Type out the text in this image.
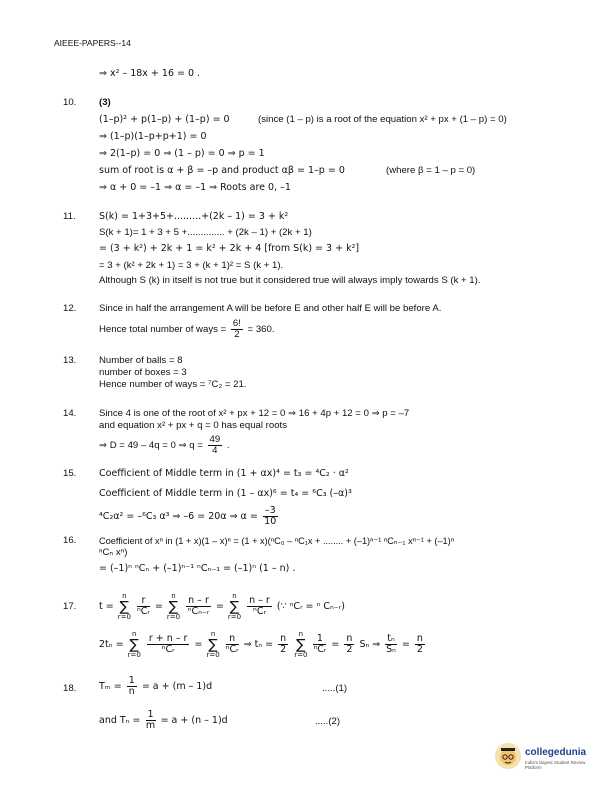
AIEEE-PAPERS--14
⇒ x² – 18x + 16 = 0 .
10. (3)
(1–p)² + p(1–p) + (1–p) = 0	(since (1 – p) is a root of the equation x² + px + (1 – p) = 0)
⇒ (1–p)(1–p+p+1) = 0
⇒ 2(1–p) = 0 ⇒ (1 – p) = 0 ⇒ p = 1
sum of root is α + β = –p and product αβ = 1–p = 0	(where β = 1 – p = 0)
⇒ α + 0 = –1 ⇒ α = –1 ⇒ Roots are 0, –1
11. S(k) = 1+3+5+.........+(2k – 1) = 3 + k²
S(k + 1)= 1 + 3 + 5 +.............. + (2k – 1) + (2k + 1)
= (3 + k²) + 2k + 1 = k² + 2k + 4 [from S(k) = 3 + k²]
= 3 + (k² + 2k + 1) = 3 + (k + 1)² = S (k + 1).
Although S (k) in itself is not true but it considered true will always imply towards S (k + 1).
12. Since in half the arrangement A will be before E and other half E will be before A.
Hence total number of ways = $\frac{6!}{2} = 360$.
13. Number of balls = 8
number of boxes = 3
Hence number of ways = ⁷C₂ = 21.
14. Since 4 is one of the root of x² + px + 12 = 0 ⇒ 16 + 4p + 12 = 0 ⇒ p = –7
and equation x² + px + q = 0 has equal roots
⇒ D = 49 – 4q = 0 ⇒ $q = \frac{49}{4}$ .
15. Coefficient of Middle term in (1 + αx)⁴ = t₃ = ⁴C₂ · α²
Coefficient of Middle term in (1 – αx)⁶ = t₄ = ⁶C₃ (–α)³
⁴C₂α² = –⁶C₃ α³ ⇒ –6 = 20α ⇒ $\alpha = \frac{-3}{10}$
16. Coefficient of xⁿ in (1 + x)(1 – x)ⁿ = (1 + x)(ⁿC₀ – ⁿC₁x + ........ + (–1)ⁿ⁻¹ ⁿCₙ₋₁ xⁿ⁻¹ + (–1)ⁿ
ⁿCₙ xⁿ)
= (–1)ⁿ ⁿCₙ + (–1)ⁿ⁻¹ ⁿCₙ₋₁ = (–1)ⁿ (1 – n) .
17. t = n
∑
r=0
r
ⁿCᵣ = n
∑
r=0
n – r
ⁿCₙ₋ᵣ = n
∑
r=0
n – r
ⁿCᵣ	(∵ ⁿCᵣ = ⁿ Cₙ₋ᵣ)
2tₙ = n
∑
r=0
r + n – r
ⁿCᵣ	= n
∑
r=0
n
ⁿCᵣ ⇒ $t_n = \frac{n}{2}$
n
∑
r=0
1
ⁿCᵣ = $\frac{n}{2}$ Sₙ ⇒ $\frac{\text{tₙ}}{\text{Sₙ}} = \frac{n}{2}$
18. $T_m = \frac{1}{n} = a + (m - 1)d$	.....(1)
and $T_n = \frac{1}{m} = a + (n - 1)d$	.....(2)
collegedunia
India's largest Student Review Platform
